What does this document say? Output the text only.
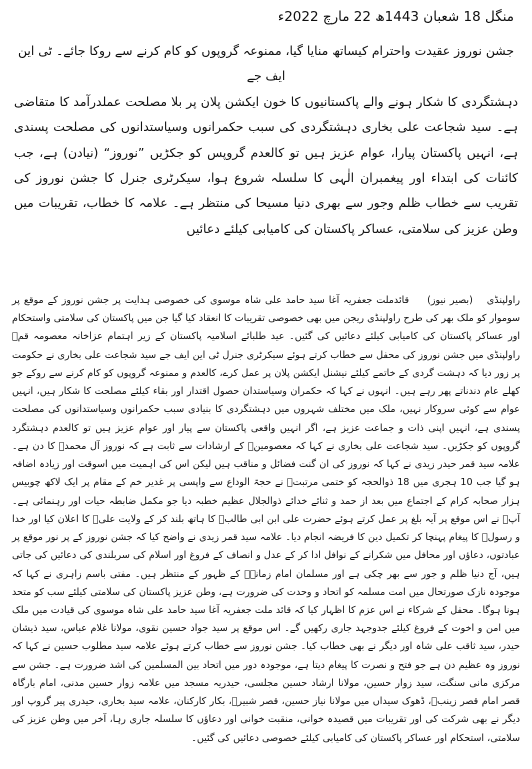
منگل 18 شعبان 1443ھ 22 مارچ 2022ء
جشن نوروز عقیدت واحترام کیساتھ منایا گیا، ممنوعہ گروپوں کو کام کرنے سے روکا جائے۔ ٹی این ایف جے
دہشتگردی کا شکار ہونے والے پاکستانیوں کا خون ایکشن پلان پر بلا مصلحت عملدرآمد کا متقاضی ہے۔ سید شجاعت علی بخاری دہشتگردی کی سبب حکمرانوں وسیاستدانوں کی مصلحت پسندی ہے، انہیں پاکستان پیارا، عوام عزیز ہیں تو کالعدم گروپس کو جکڑیں ”نوروز“ (نیادن) ہے، جب کائنات کی ابتداء اور پیغمبران الٰہی کا سلسلہ شروع ہوا، سیکرٹری جنرل کا جشن نوروز کی تقریب سے خطاب ظلم وجور سے بھری دنیا مسیحا کی منتظر ہے۔ علامہ کا خطاب، تقریبات میں وطن عزیز کی سلامتی، عساکر پاکستان کی کامیابی کیلئے دعائیں
راولپنڈی (بصیر نیوز) قائدملت جعفریہ آغا سید حامد علی شاہ موسوی کی خصوصی ہدایت پر جشن نوروز کے موقع پر سوموار کو ملک بھر کی طرح راولپنڈی ریجن میں بھی خصوصی تقریبات کا انعقاد کیا گیا جن میں پاکستان کی سلامتی واستحکام اور عساکر پاکستان کی کامیابی کیلئے دعائیں کی گئیں۔ عید طلبائے اسلامیہ پاکستان کے زیر اہتمام عزاخانہ معصومہ قمؑ راولپنڈی میں جشن نوروز کی محفل سے خطاب کرتے ہوئے سیکرٹری جنرل ٹی این ایف جے سید شجاعت علی بخاری نے حکومت پر زور دیا کہ دہشت گردی کے خاتمے کیلئے نیشنل ایکشن پلان پر عمل کرے، کالعدم و ممنوعہ گروپوں کو کام کرنے سے روکے جو کھلے عام دندناتے پھر رہے ہیں۔ انہوں نے کہا کہ حکمران وسیاستدان حصول اقتدار اور بقاء کیلئے مصلحت کا شکار ہیں، انہیں عوام سے کوئی سروکار نہیں، ملک میں مختلف شہروں میں دہشتگردی کا بنیادی سبب حکمرانوں وسیاستدانوں کی مصلحت پسندی ہے، انہیں اپنی ذات و جماعت عزیز ہے، اگر انہیں واقعی پاکستان سے پیار اور عوام عزیز ہیں تو کالعدم دہشتگرد گروپوں کو جکڑیں۔ سید شجاعت علی بخاری نے کہا کہ معصومینؑ کے ارشادات سے ثابت ہے کہ نوروز آل محمدؐ کا دن ہے۔ علامہ سید قمر حیدر زیدی نے کہا کہ نوروز کی ان گنت فضائل و مناقب ہیں لیکن اس کی اہمیت میں اسوقت اور زیادہ اضافہ ہو گیا جب 10 ہجری میں 18 ذوالحجہ کو ختمی مرتبتؐ نے حجۃ الوداع سے واپسی پر غدیر خم کے مقام پر ایک لاکھ چوبیس ہزار صحابہ کرام کے اجتماع میں بعد از حمد و ثنائے خدائے ذوالجلال عظیم خطبہ دیا جو مکمل ضابطہ حیات اور رہنمائی ہے۔ آپؐ نے اس موقع پر آیہ بلغ پر عمل کرتے ہوئے حضرت علی ابن ابی طالبؑ کا ہاتھ بلند کر کے ولایت علیؑ کا اعلان کیا اور خدا و رسولؐ کا پیغام پہنچا کر تکمیل دین کا فریضہ انجام دیا۔ علامہ سید قمر زیدی نے واضح کیا کہ جشن نوروز کے پر نور موقع پر عبادتوں، دعاؤں اور محافل میں شکرانے کے نوافل ادا کر کے عدل و انصاف کے فروغ اور اسلام کی سربلندی کی دعائیں کی جاتی ہیں، آج دنیا ظلم و جور سے بھر چکی ہے اور مسلمان امام زمانہؑ کے ظہور کے منتظر ہیں۔ مفتی باسم زاہری نے کہا کہ موجودہ نازک صورتحال میں امت مسلمہ کو اتحاد و وحدت کی ضرورت ہے، وطن عزیز پاکستان کی سلامتی کیلئے سب کو متحد ہونا ہوگا۔ محفل کے شرکاء نے اس عزم کا اظہار کیا کہ قائد ملت جعفریہ آغا سید حامد علی شاہ موسوی کی قیادت میں ملک میں امن و اخوت کے فروغ کیلئے جدوجہد جاری رکھیں گے۔ اس موقع پر سید جواد حسین نقوی، مولانا غلام عباس، سید ذیشان حیدر، سید ثاقب علی شاہ اور دیگر نے بھی خطاب کیا۔ جشن نوروز سے خطاب کرتے ہوئے علامہ سید مطلوب حسین نے کہا کہ نوروز وہ عظیم دن ہے جو فتح و نصرت کا پیغام دیتا ہے، موجودہ دور میں اتحاد بین المسلمین کی اشد ضرورت ہے۔ جشن سے مرکزی مانی سنگت، سید زوار حسین، مولانا ارشاد حسین مجلسی، حیدریہ مسجد میں علامہ زوار حسین مدنی، امام بارگاہ قصر امام قصر زینبؑ، ڈھوک سیداں میں مولانا نیاز حسین، قصر شبیرؑ، بکار کارکنان، علامہ سید بخاری، حیدری پیر گروپ اور دیگر نے بھی شرکت کی اور تقریبات میں قصیدہ خوانی، منقبت خوانی اور دعاؤں کا سلسلہ جاری رہا، آخر میں وطن عزیز کی سلامتی، استحکام اور عساکر پاکستان کی کامیابی کیلئے خصوصی دعائیں کی گئیں۔
